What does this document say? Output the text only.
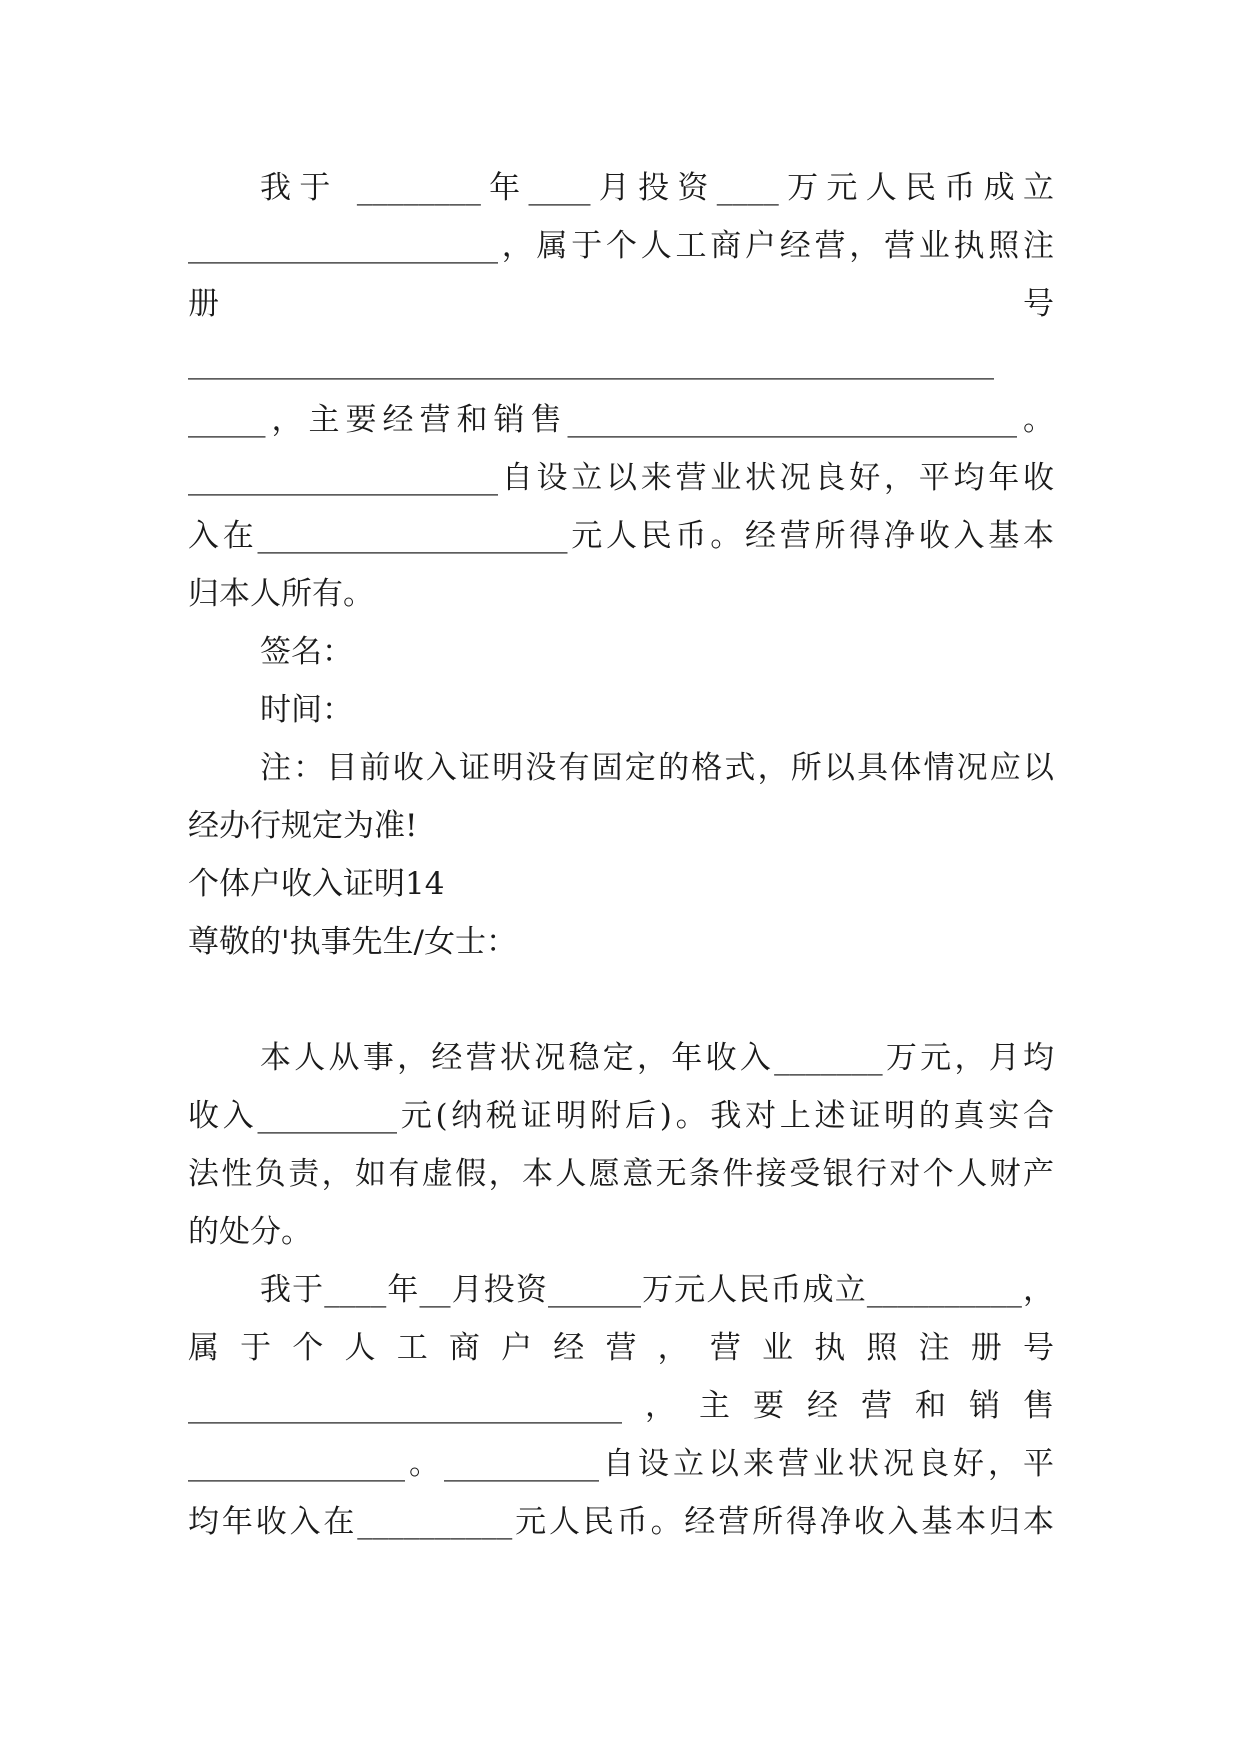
我于 ________年____月投资____万元人民币成立
____________________，属于个人工商户经营，营业执照注
册                                                号
____________________________________________________
_____，主要经营和销售_____________________________。
____________________自设立以来营业状况良好，平均年收
入在____________________元人民币。经营所得净收入基本
归本人所有。
签名：
时间：
注：目前收入证明没有固定的格式，所以具体情况应以
经办行规定为准!
个体户收入证明14
尊敬的'执事先生/女士：
本人从事，经营状况稳定，年收入_______万元，月均
收入_________元(纳税证明附后)。我对上述证明的真实合
法性负责，如有虚假，本人愿意无条件接受银行对个人财产
的处分。
我于____年__月投资______万元人民币成立__________，
属于个人工商户经营，营业执照注册号
____________________________，主要经营和销售
______________。__________自设立以来营业状况良好，平
均年收入在__________元人民币。经营所得净收入基本归本
